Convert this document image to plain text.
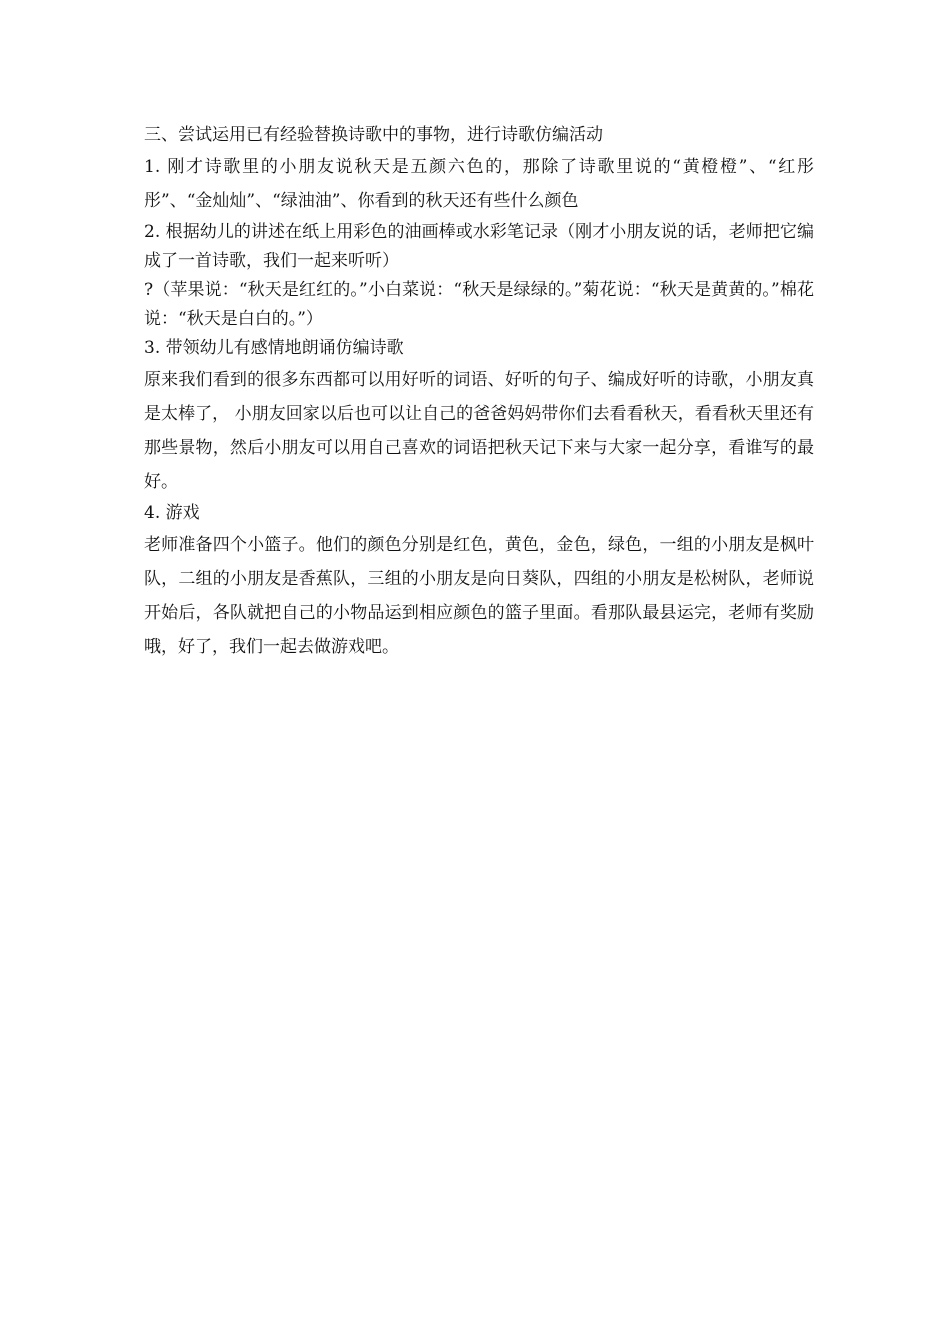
三、尝试运用已有经验替换诗歌中的事物，进行诗歌仿编活动

1. 刚才诗歌里的小朋友说秋天是五颜六色的，那除了诗歌里说的“黄橙橙”、“红彤彤”、“金灿灿”、“绿油油”、你看到的秋天还有些什么颜色

2. 根据幼儿的讲述在纸上用彩色的油画棒或水彩笔记录（刚才小朋友说的话，老师把它编成了一首诗歌，我们一起来听听）

?（苹果说：“秋天是红红的。”小白菜说：“秋天是绿绿的。”菊花说：“秋天是黄黄的。”棉花说：“秋天是白白的。”）

3. 带领幼儿有感情地朗诵仿编诗歌

原来我们看到的很多东西都可以用好听的词语、好听的句子、编成好听的诗歌，小朋友真是太棒了， 小朋友回家以后也可以让自己的爸爸妈妈带你们去看看秋天，看看秋天里还有那些景物，然后小朋友可以用自己喜欢的词语把秋天记下来与大家一起分享，看谁写的最好。

4. 游戏

老师准备四个小篮子。他们的颜色分别是红色，黄色，金色，绿色，一组的小朋友是枫叶队，二组的小朋友是香蕉队，三组的小朋友是向日葵队，四组的小朋友是松树队，老师说开始后，各队就把自己的小物品运到相应颜色的篮子里面。看那队最县运完，老师有奖励哦，好了，我们一起去做游戏吧。
